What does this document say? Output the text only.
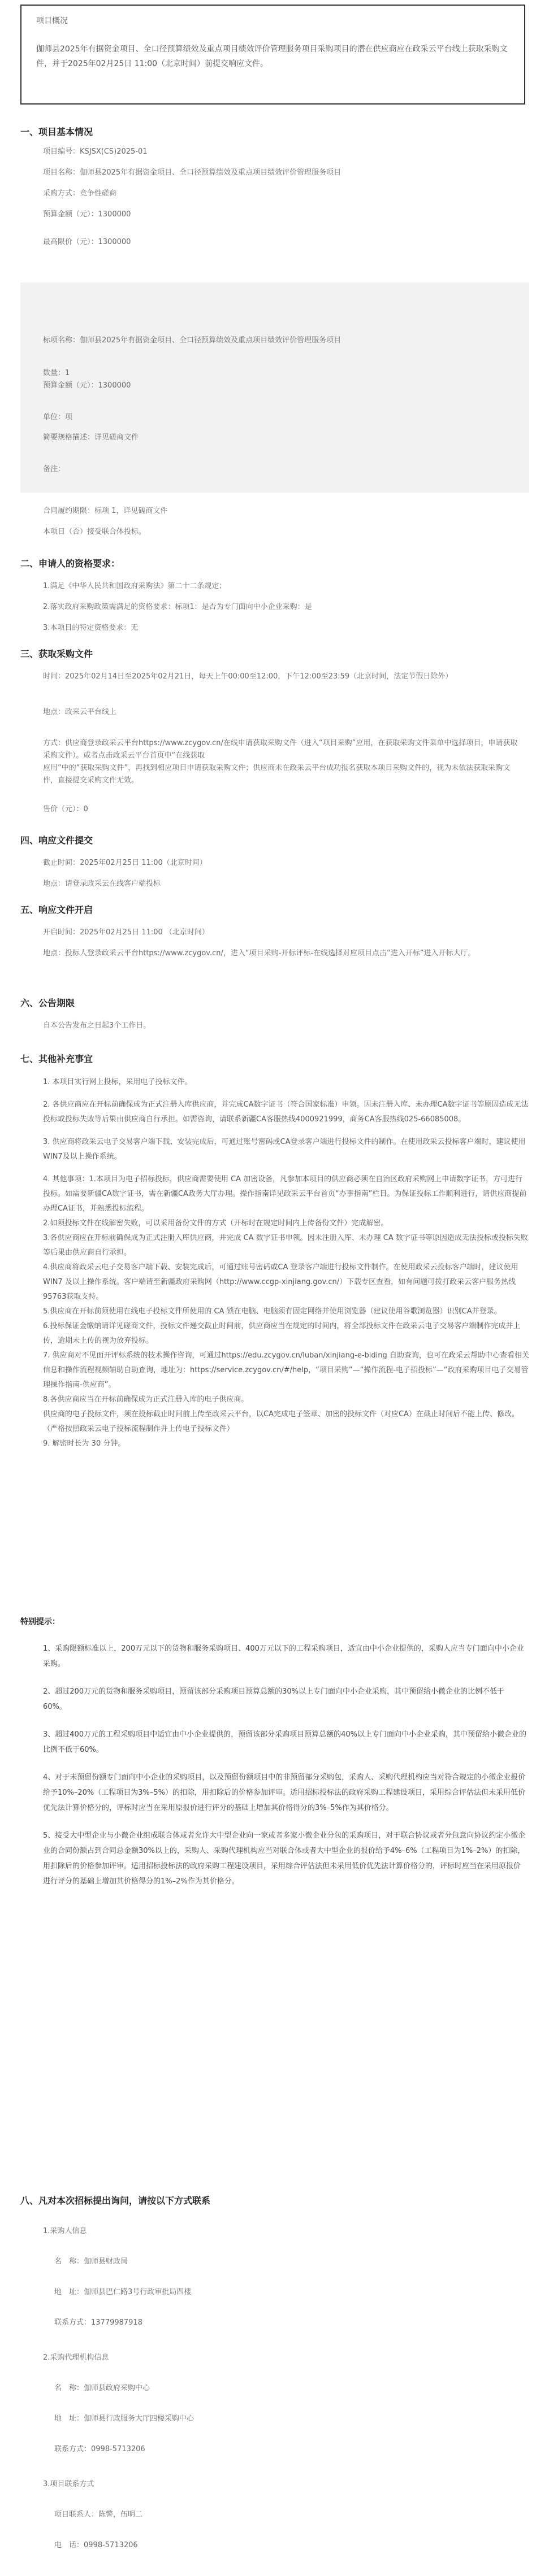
项目概况
伽师县2025年有据资金项目、全口径预算绩效及重点项目绩效评价管理服务项目采购项目的潜在供应商应在政采云平台线上获取采购文件，并于2025年02月25日 11:00（北京时间）前提交响应文件。
一、项目基本情况
项目编号：KSJSX(CS)2025-01
项目名称：伽师县2025年有据资金项目、全口径预算绩效及重点项目绩效评价管理服务项目
采购方式：竞争性磋商
预算金额（元）：1300000
最高限价（元）：1300000
标项名称：伽师县2025年有据资金项目、全口径预算绩效及重点项目绩效评价管理服务项目
数量：1
预算金额（元）：1300000
单位：项
简要规格描述：详见磋商文件
备注：
合同履约期限：标项 1，详见磋商文件
本项目（否）接受联合体投标。
二、申请人的资格要求：
1.满足《中华人民共和国政府采购法》第二十二条规定；
2.落实政府采购政策需满足的资格要求：标项1：是否为专门面向中小企业采购：是
3.本项目的特定资格要求：无
三、获取采购文件
时间：2025年02月14日至2025年02月21日，每天上午00:00至12:00，下午12:00至23:59（北京时间，法定节假日除外）
地点：政采云平台线上
方式：供应商登录政采云平台https://www.zcygov.cn/在线申请获取采购文件（进入“项目采购”应用，在获取采购文件菜单中选择项目，申请获取采购文件）。或者点击政采云平台首页中“在线获取
应用”中的“获取采购文件”，再找到相应项目申请获取采购文件；供应商未在政采云平台成功报名获取本项目采购文件的，视为未依法获取采购文件，直接提交采购文件无效。
售价（元）：0
四、响应文件提交
截止时间：2025年02月25日 11:00（北京时间）
地点：请登录政采云在线客户端投标
五、响应文件开启
开启时间：2025年02月25日 11:00 （北京时间）
地点：投标人登录政采云平台https://www.zcygov.cn/，进入“项目采购-开标评标-在线选择对应项目点击“进入开标”进入开标大厅。
六、公告期限
自本公告发布之日起3个工作日。
七、其他补充事宜
1. 本项目实行网上投标，采用电子投标文件。
2. 各供应商应在开标前确保成为正式注册入库供应商，并完成CA数字证书（符合国家标准）申领。因未注册入库、未办理CA数字证书等原因造成无法投标或投标失败等后果由供应商自行承担。如需咨询，请联系新疆CA客服热线4000921999，商务CA客服热线025-66085008。
3. 供应商将政采云电子交易客户端下载、安装完成后，可通过账号密码或CA登录客户端进行投标文件的制作。在使用政采云投标客户端时，建议使用WIN7及以上操作系统。
4. 其他事项：1.本项目为电子招标投标，供应商需要使用 CA 加密设备，凡参加本项目的供应商必须在自治区政府采购网上申请数字证书，方可进行投标。如需要新疆CA数字证书，需在新疆CA政务大厅办理。操作指南详见政采云平台首页“办事指南”栏目。为保证投标工作顺利进行，请供应商提前办理CA证书，并熟悉投标流程。
2.如须投标文件在线解密失败，可以采用备份文件的方式（开标时在规定时间内上传备份文件）完成解密。
3.各供应商应在开标前确保成为正式注册入库供应商，并完成 CA 数字证书申领。因未注册入库、未办理 CA 数字证书等原因造成无法投标或投标失败等后果由供应商自行承担。
4.供应商将政采云电子交易客户端下载、安装完成后，可通过账号密码或CA 登录客户端进行投标文件制作。在使用政采云投标客户端时，建议使用 WIN7 及以上操作系统。客户端请至新疆政府采购网（http://www.ccgp-xinjiang.gov.cn/）下载专区查看，如有问题可拨打政采云客户服务热线95763获取支持。
5.供应商在开标前须使用在线电子投标文件所使用的 CA 锁在电脑、电脑须有固定网络并使用浏览器（建议使用谷歌浏览器）识别CA并登录。
6.投标保证金缴纳请详见磋商文件，投标文件递交截止时间前，供应商应当在规定的时间内，将全部投标文件在政采云电子交易客户端制作完成并上传，逾期未上传的视为放弃投标。
7. 供应商对不见面开评标系统的技术操作咨询，可通过https://edu.zcygov.cn/luban/xinjiang-e-biding 自助查询，也可在政采云帮助中心查看相关信息和操作流程视频辅助自助查询，地址为：https://service.zcygov.cn/#/help，“项目采购”—“操作流程-电子招投标”—“政府采购项目电子交易管理操作指南-供应商”。
8.各供应商应当在开标前确保成为正式注册入库的电子供应商。
供应商的电子投标文件，须在投标截止时间前上传至政采云平台，以CA完成电子签章、加密的投标文件（对应CA）在截止时间后不能上传、修改。（严格按照政采云电子投标流程制作并上传电子投标文件）
9. 解密时长为 30 分钟。
特别提示：
1、采购限额标准以上，200万元以下的货物和服务采购项目、400万元以下的工程采购项目，适宜由中小企业提供的，采购人应当专门面向中小企业采购。
2、超过200万元的货物和服务采购项目，预留该部分采购项目预算总额的30%以上专门面向中小企业采购，其中预留给小微企业的比例不低于60%。
3、超过400万元的工程采购项目中适宜由中小企业提供的，预留该部分采购项目预算总额的40%以上专门面向中小企业采购，其中预留给小微企业的比例不低于60%。
4、对于未预留份额专门面向中小企业的采购项目，以及预留份额项目中的非预留部分采购包，采购人、采购代理机构应当对符合规定的小微企业报价给予10%–20%（工程项目为3%–5%）的扣除，用扣除后的价格参加评审。适用招标投标法的政府采购工程建设项目，采用综合评估法但未采用低价优先法计算价格分的，评标时应当在采用原报价进行评分的基础上增加其价格得分的3%–5%作为其价格分。
5、接受大中型企业与小微企业组成联合体或者允许大中型企业向一家或者多家小微企业分包的采购项目，对于联合协议或者分包意向协议约定小微企业的合同份额占到合同总金额30%以上的，采购人、采购代理机构应当对联合体或者大中型企业的报价给予4%–6%（工程项目为1%–2%）的扣除，用扣除后的价格参加评审。适用招标投标法的政府采购工程建设项目，采用综合评估法但未采用低价优先法计算价格分的，评标时应当在采用原报价进行评分的基础上增加其价格得分的1%–2%作为其价格分。
八、凡对本次招标提出询问，请按以下方式联系
1.采购人信息
名　称：伽师县财政局
地　址：伽师县巴仁路3号行政审批局四楼
联系方式：13779987918
2.采购代理机构信息
名　称：伽师县政府采购中心
地　址：伽师县行政服务大厅四楼采购中心
联系方式：0998-5713206
3.项目联系方式
项目联系人：陈警，伍明二
电　话：0998-5713206
